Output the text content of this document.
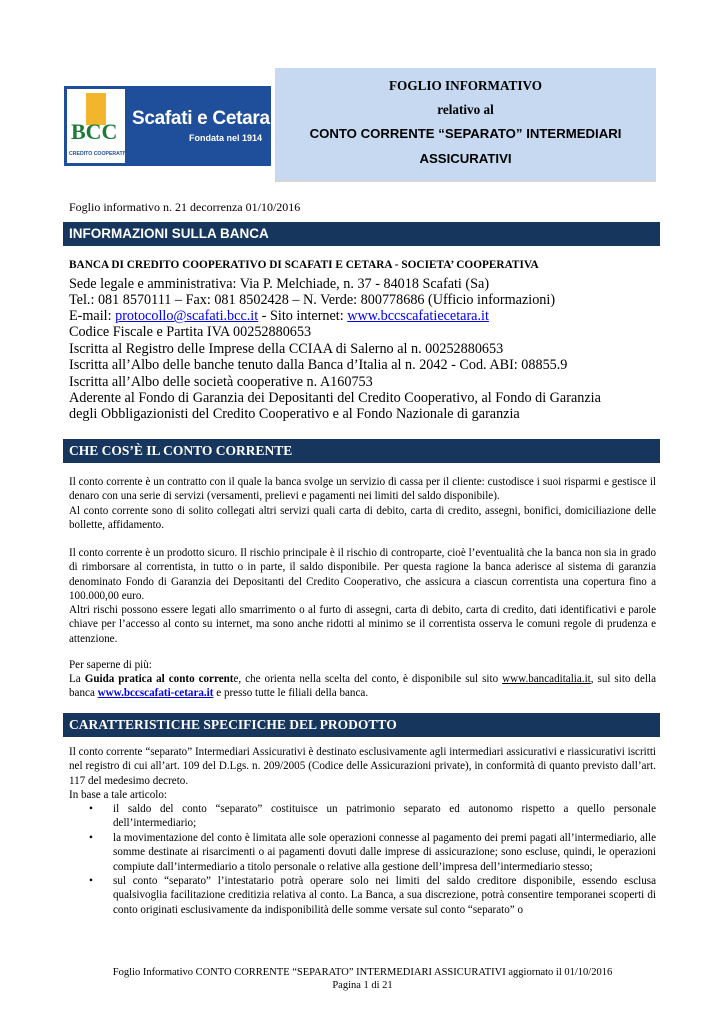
BCC
CREDITO COOPERATIVO
Scafati e Cetara
Fondata nel 1914
FOGLIO INFORMATIVO
relativo al
CONTO CORRENTE “SEPARATO” INTERMEDIARI
ASSICURATIVI
Foglio informativo n. 21 decorrenza 01/10/2016
INFORMAZIONI SULLA BANCA
BANCA DI CREDITO COOPERATIVO DI SCAFATI E CETARA - SOCIETA’ COOPERATIVA
Sede legale e amministrativa: Via P. Melchiade, n. 37 - 84018 Scafati (Sa)
Tel.: 081 8570111 – Fax: 081 8502428 – N. Verde: 800778686 (Ufficio informazioni)
E-mail: protocollo@scafati.bcc.it - Sito internet: www.bccscafatiecetara.it
Codice Fiscale e Partita IVA 00252880653
Iscritta al Registro delle Imprese della CCIAA di Salerno al n. 00252880653
Iscritta all’Albo delle banche tenuto dalla Banca d’Italia al n. 2042 - Cod. ABI: 08855.9
Iscritta all’Albo delle società cooperative n. A160753
Aderente al Fondo di Garanzia dei Depositanti del Credito Cooperativo, al Fondo di Garanzia
degli Obbligazionisti del Credito Cooperativo e al Fondo Nazionale di garanzia
CHE COS’È IL CONTO CORRENTE
Il conto corrente è un contratto con il quale la banca svolge un servizio di cassa per il cliente: custodisce i suoi risparmi e gestisce il denaro con una serie di servizi (versamenti, prelievi e pagamenti nei limiti del saldo disponibile).
Al conto corrente sono di solito collegati altri servizi quali carta di debito, carta di credito, assegni, bonifici, domiciliazione delle bollette, affidamento.
Il conto corrente è un prodotto sicuro. Il rischio principale è il rischio di controparte, cioè l’eventualità che la banca non sia in grado di rimborsare al correntista, in tutto o in parte, il saldo disponibile. Per questa ragione la banca aderisce al sistema di garanzia denominato Fondo di Garanzia dei Depositanti del Credito Cooperativo, che assicura a ciascun correntista una copertura fino a 100.000,00 euro.
Altri rischi possono essere legati allo smarrimento o al furto di assegni, carta di debito, carta di credito, dati identificativi e parole chiave per l’accesso al conto su internet, ma sono anche ridotti al minimo se il correntista osserva le comuni regole di prudenza e attenzione.
Per saperne di più:
La Guida pratica al conto corrente, che orienta nella scelta del conto, è disponibile sul sito www.bancaditalia.it, sul sito della banca www.bccscafati-cetara.it e presso tutte le filiali della banca.
CARATTERISTICHE SPECIFICHE DEL PRODOTTO
Il conto corrente “separato” Intermediari Assicurativi è destinato esclusivamente agli intermediari assicurativi e riassicurativi iscritti nel registro di cui all’art. 109 del D.Lgs. n. 209/2005 (Codice delle Assicurazioni private), in conformità di quanto previsto dall’art. 117 del medesimo decreto.
In base a tale articolo:
• il saldo del conto “separato” costituisce un patrimonio separato ed autonomo rispetto a quello personale dell’intermediario;
• la movimentazione del conto è limitata alle sole operazioni connesse al pagamento dei premi pagati all’intermediario, alle somme destinate ai risarcimenti o ai pagamenti dovuti dalle imprese di assicurazione; sono escluse, quindi, le operazioni compiute dall’intermediario a titolo personale o relative alla gestione dell’impresa dell’intermediario stesso;
• sul conto “separato” l’intestatario potrà operare solo nei limiti del saldo creditore disponibile, essendo esclusa qualsivoglia facilitazione creditizia relativa al conto. La Banca, a sua discrezione, potrà consentire temporanei scoperti di conto originati esclusivamente da indisponibilità delle somme versate sul conto “separato” o
Foglio Informativo CONTO CORRENTE “SEPARATO” INTERMEDIARI ASSICURATIVI aggiornato il 01/10/2016
Pagina 1 di 21
